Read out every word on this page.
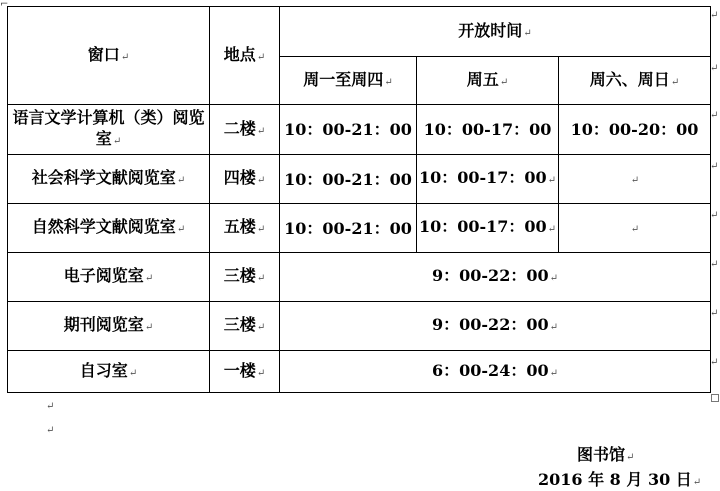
⌐
窗口↵	地点↵	开放时间↵		
		周一至周四↵	周五↵	周六、周日↵
语言文学计算机（类）阅览室↵	二楼↵	10：00-21：00	10：00-17：00	10：00-20：00
社会科学文献阅览室↵	四楼↵	10：00-21：00	10：00-17：00↵	↵
自然科学文献阅览室↵	五楼↵	10：00-21：00	10：00-17：00↵	↵
电子阅览室↵	三楼↵	9：00-22：00↵		
期刊阅览室↵	三楼↵	9：00-22：00↵		
自习室↵	一楼↵	6：00-24：00↵		
↵
↵
↵
↵
↵
↵
↵
↵
↵
↵
图书馆↵
2016 年 8 月 30 日↵
